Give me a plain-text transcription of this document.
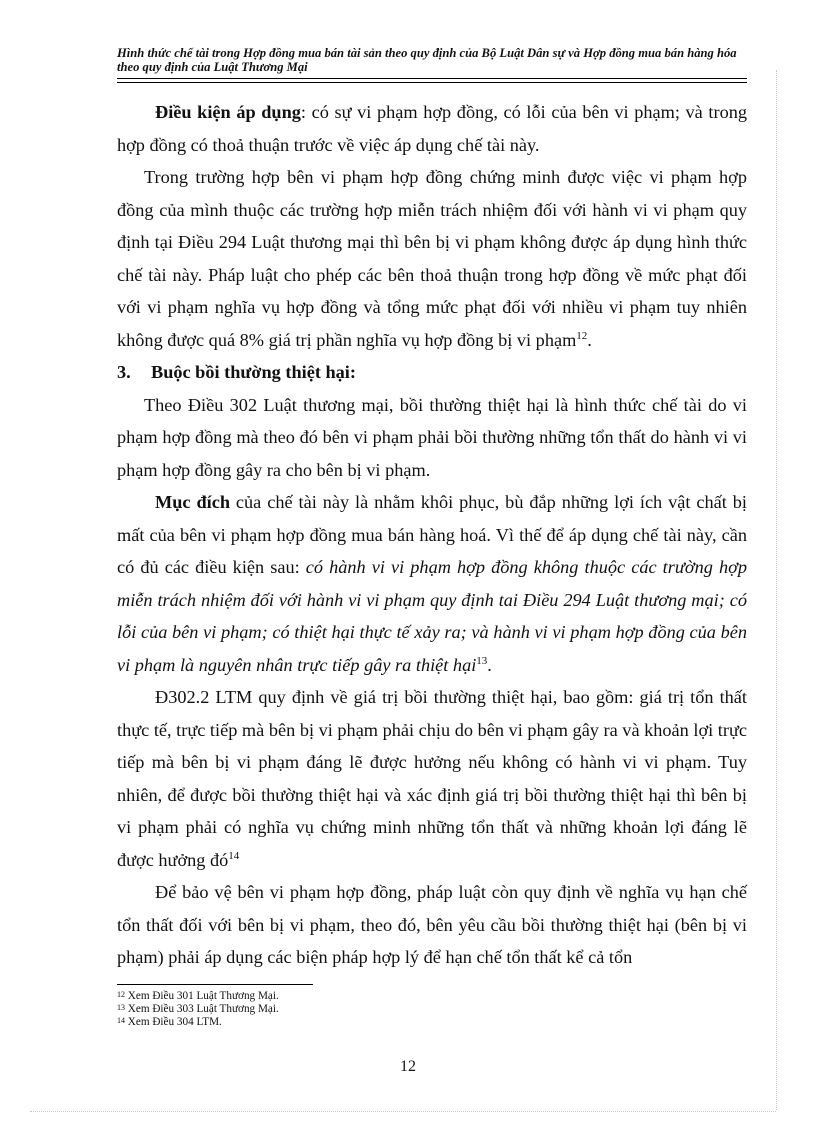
Hình thức chế tài trong Hợp đồng mua bán tài sản theo quy định của Bộ Luật Dân sự và Hợp đồng mua bán hàng hóa theo quy định của Luật Thương Mại

Điều kiện áp dụng: có sự vi phạm hợp đồng, có lỗi của bên vi phạm; và trong hợp đồng có thoả thuận trước về việc áp dụng chế tài này.

Trong trường hợp bên vi phạm hợp đồng chứng minh được việc vi phạm hợp đồng của mình thuộc các trường hợp miễn trách nhiệm đối với hành vi vi phạm quy định tại Điều 294 Luật thương mại thì bên bị vi phạm không được áp dụng hình thức chế tài này. Pháp luật cho phép các bên thoả thuận trong hợp đồng về mức phạt đối với vi phạm nghĩa vụ hợp đồng và tổng mức phạt đối với nhiều vi phạm tuy nhiên không được quá 8% giá trị phần nghĩa vụ hợp đồng bị vi phạm$^{12}$.

3. Buộc bồi thường thiệt hại:

Theo Điều 302 Luật thương mại, bồi thường thiệt hại là hình thức chế tài do vi phạm hợp đồng mà theo đó bên vi phạm phải bồi thường những tổn thất do hành vi vi phạm hợp đồng gây ra cho bên bị vi phạm.

Mục đích của chế tài này là nhằm khôi phục, bù đắp những lợi ích vật chất bị mất của bên vi phạm hợp đồng mua bán hàng hoá. Vì thế để áp dụng chế tài này, cần có đủ các điều kiện sau: có hành vi vi phạm hợp đồng không thuộc các trường hợp miễn trách nhiệm đối với hành vi vi phạm quy định tai Điều 294 Luật thương mại; có lỗi của bên vi phạm; có thiệt hại thực tế xảy ra; và hành vi vi phạm hợp đồng của bên vi phạm là nguyên nhân trực tiếp gây ra thiệt hại$^{13}$.

Đ302.2 LTM quy định về giá trị bồi thường thiệt hại, bao gồm: giá trị tổn thất thực tế, trực tiếp mà bên bị vi phạm phải chịu do bên vi phạm gây ra và khoản lợi trực tiếp mà bên bị vi phạm đáng lẽ được hưởng nếu không có hành vi vi phạm. Tuy nhiên, để được bồi thường thiệt hại và xác định giá trị bồi thường thiệt hại thì bên bị vi phạm phải có nghĩa vụ chứng minh những tổn thất và những khoản lợi đáng lẽ được hưởng $đó^{14}$

Để bảo vệ bên vi phạm hợp đồng, pháp luật còn quy định về nghĩa vụ hạn chế tổn thất đối với bên bị vi phạm, theo đó, bên yêu cầu bồi thường thiệt hại (bên bị vi phạm) phải áp dụng các biện pháp hợp lý để hạn chế tổn thất kể cả tổn

$^{12}$ Xem Điều 301 Luật Thương Mại.
$^{13}$ Xem Điều 303 Luật Thương Mại.
$^{14}$ Xem Điều 304 LTM.
12
